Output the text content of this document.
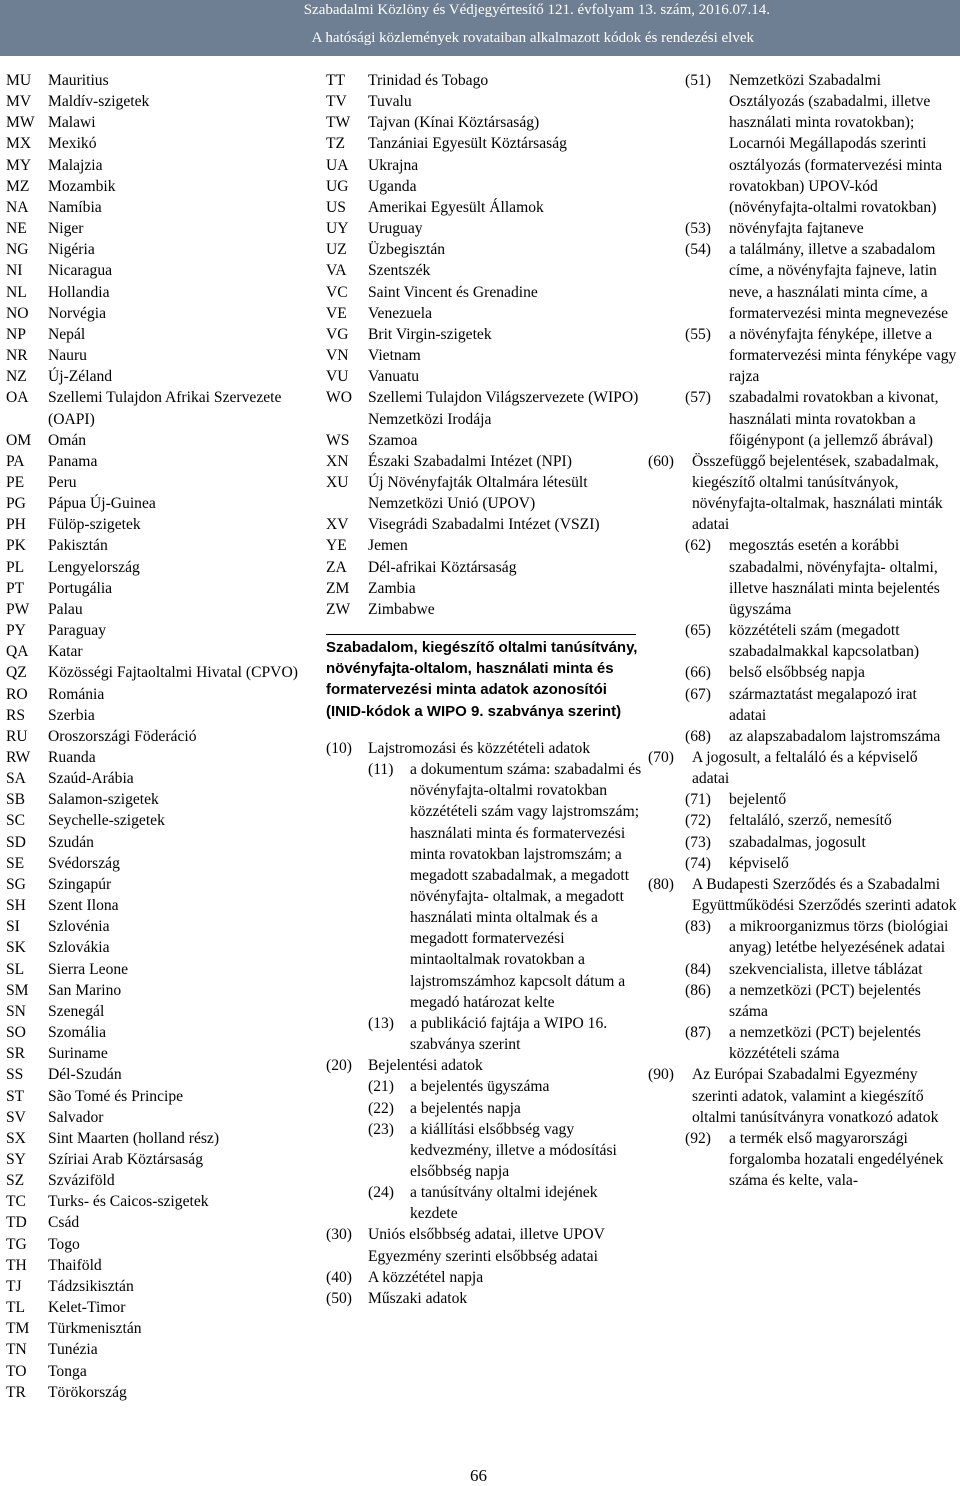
Szabadalmi Közlöny és Védjegyértesítő 121. évfolyam 13. szám, 2016.07.14.
A hatósági közlemények rovataiban alkalmazott kódok és rendezési elvek
MU	Mauritius
MV	Maldív-szigetek
MW Malawi
MX	Mexikó
MY	Malajzia
MZ	Mozambik
NA	Namíbia
NE	Niger
NG	Nigéria
NI	Nicaragua
NL	Hollandia
NO	Norvégia
NP	Nepál
NR	Nauru
NZ	Új-Zéland
OA	Szellemi Tulajdon Afrikai Szervezete (OAPI)
OM	Omán
PA	Panama
PE	Peru
PG	Pápua Új-Guinea
PH	Fülöp-szigetek
PK	Pakisztán
PL	Lengyelország
PT	Portugália
PW	Palau
PY	Paraguay
QA	Katar
QZ	Közösségi Fajtaoltalmi Hivatal (CPVO)
RO	Románia
RS	Szerbia
RU	Oroszországi Föderáció
RW	Ruanda
SA	Szaúd-Arábia
SB	Salamon-szigetek
SC	Seychelle-szigetek
SD	Szudán
SE	Svédország
SG	Szingapúr
SH	Szent Ilona
SI	Szlovénia
SK	Szlovákia
SL	Sierra Leone
SM	San Marino
SN	Szenegál
SO	Szomália
SR	Suriname
SS	Dél-Szudán
ST	São Tomé és Principe
SV	Salvador
SX	Sint Maarten (holland rész)
SY	Szíriai Arab Köztársaság
SZ	Szváziföld
TC	Turks- és Caicos-szigetek
TD	Csád
TG	Togo
TH	Thaiföld
TJ	Tádzsikisztán
TL	Kelet-Timor
TM	Türkmenisztán
TN	Tunézia
TO	Tonga
TR	Törökország
TT	Trinidad és Tobago
TV	Tuvalu
TW	Tajvan (Kínai Köztársaság)
TZ	Tanzániai Egyesült Köztársaság
UA	Ukrajna
UG	Uganda
US	Amerikai Egyesült Államok
UY	Uruguay
UZ	Üzbegisztán
VA	Szentszék
VC	Saint Vincent és Grenadine
VE	Venezuela
VG	Brit Virgin-szigetek
VN	Vietnam
VU	Vanuatu
WO	Szellemi Tulajdon Világszervezete (WIPO) Nemzetközi Irodája
WS	Szamoa
XN	Északi Szabadalmi Intézet (NPI)
XU	Új Növényfajták Oltalmára létesült Nemzetközi Unió (UPOV)
XV	Visegrádi Szabadalmi Intézet (VSZI)
YE	Jemen
ZA	Dél-afrikai Köztársaság
ZM	Zambia
ZW	Zimbabwe
Szabadalom, kiegészítő oltalmi tanúsítvány, növényfajta-oltalom, használati minta és formatervezési minta adatok azonosítói (INID-kódok a WIPO 9. szabványa szerint)
(10)	Lajstromozási és közzétételi adatok
(11)	a dokumentum száma: szabadalmi és növényfajta-oltalmi rovatokban közzétételi szám vagy lajstromszám; használati minta és formatervezési minta rovatokban lajstromszám; a megadott szabadalmak, a megadott növényfajta- oltalmak, a megadott használati minta oltalmak és a megadott formatervezési mintaoltalmak rovatokban a lajstromszámhoz kapcsolt dátum a megadó határozat kelte
(13)	a publikáció fajtája a WIPO 16. szabványa szerint
(20)	Bejelentési adatok
(21)	a bejelentés ügyszáma
(22)	a bejelentés napja
(23)	a kiállítási elsőbbség vagy kedvezmény, illetve a módosítási elsőbbség napja
(24)	a tanúsítvány oltalmi idejének kezdete
(30)	Uniós elsőbbség adatai, illetve UPOV Egyezmény szerinti elsőbbség adatai
(40)	A közzététel napja
(50)	Műszaki adatok
(51)	Nemzetközi Szabadalmi Osztályozás (szabadalmi, illetve használati minta rovatokban); Locarnói Megállapodás szerinti osztályozás (formatervezési minta rovatokban) UPOV-kód (növényfajta-oltalmi rovatokban)
(53)	növényfajta fajtaneve
(54)	a találmány, illetve a szabadalom címe, a növényfajta fajneve, latin neve, a használati minta címe, a formatervezési minta megnevezése
(55)	a növényfajta fényképe, illetve a formatervezési minta fényképe vagy rajza
(57)	szabadalmi rovatokban a kivonat, használati minta rovatokban a főigénypont (a jellemző ábrával)
(60)	Összefüggő bejelentések, szabadalmak, kiegészítő oltalmi tanúsítványok, növényfajta-oltalmak, használati minták adatai
(62)	megosztás esetén a korábbi szabadalmi, növényfajta- oltalmi, illetve használati minta bejelentés ügyszáma
(65)	közzétételi szám (megadott szabadalmakkal kapcsolatban)
(66)	belső elsőbbség napja
(67)	származtatást megalapozó irat adatai
(68)	az alapszabadalom lajstromszáma
(70)	A jogosult, a feltaláló és a képviselő adatai
(71)	bejelentő
(72)	feltaláló, szerző, nemesítő
(73)	szabadalmas, jogosult
(74)	képviselő
(80)	A Budapesti Szerződés és a Szabadalmi Együttműködési Szerződés szerinti adatok
(83)	a mikroorganizmus törzs (biológiai anyag) letétbe helyezésének adatai
(84)	szekvencialista, illetve táblázat
(86)	a nemzetközi (PCT) bejelentés száma
(87)	a nemzetközi (PCT) bejelentés közzétételi száma
(90)	Az Európai Szabadalmi Egyezmény szerinti adatok, valamint a kiegészítő oltalmi tanúsítványra vonatkozó adatok
(92)	a termék első magyarországi forgalomba hozatali engedélyének száma és kelte, vala-
66
